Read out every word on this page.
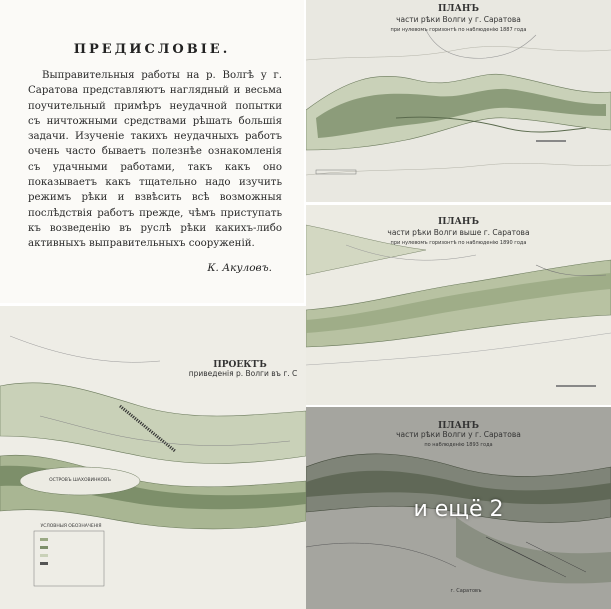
ПРЕДИСЛОВІЕ.

Выправительныя работы на р. Волгѣ у г. Саратова представляютъ наглядный и весьма поучительный примѣръ неудачной попытки съ ничтожными средствами рѣшать большія задачи. Изученіе такихъ неудачныхъ работъ очень часто бываетъ полезнѣе ознакомленія съ удачными работами, такъ какъ оно показываетъ какъ тщательно надо изучить режимъ рѣки и взвѣсить всѣ возможныя послѣдствія работъ прежде, чѣмъ приступать къ возведенію въ руслѣ рѣки какихъ-либо активныхъ выправительныхъ сооруженій.

К. Акуловъ.
ПЛАНЪ
части рѣки Волги у г. Саратова
при нулевомъ горизонтѣ по наблюденію 1887 года
ПЛАНЪ
части рѣки Волги выше г. Саратова
при нулевомъ горизонтѣ по наблюденію 1890 года
ПРОЕКТЪ
приведенія р. Волги въ г. С
ОСТРОВЪ ШАХОВИНКОВЪ
УСЛОВНЫЯ ОБОЗНАЧЕНІЯ
ПЛАНЪ
части рѣки Волги у г. Саратова
по наблюденію 1893 года
г. Саратовъ
и ещё 2
